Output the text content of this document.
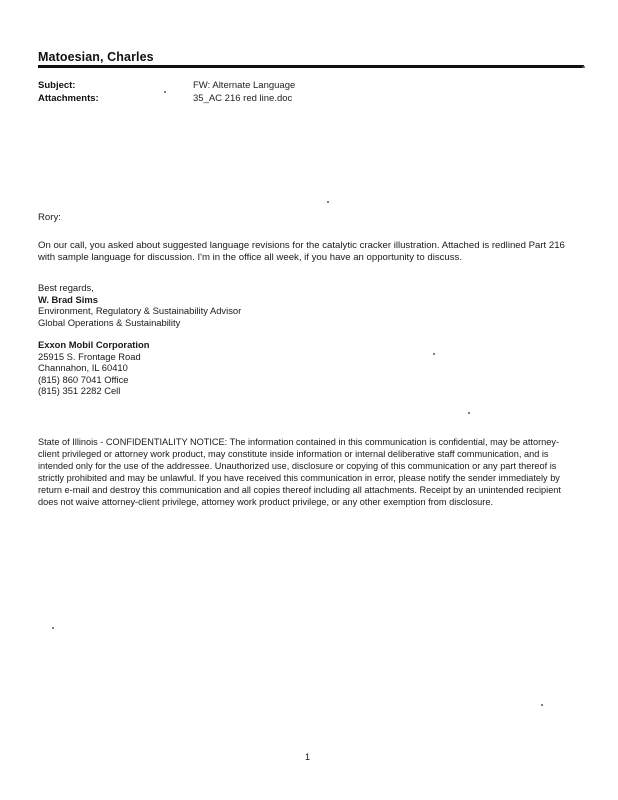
Matoesian, Charles
Subject:	FW: Alternate Language
Attachments:	35_AC 216 red line.doc
Rory:
On our call, you asked about suggested language revisions for the catalytic cracker illustration. Attached is redlined Part 216 with sample language for discussion. I'm in the office all week, if you have an opportunity to discuss.
Best regards,
W. Brad Sims
Environment, Regulatory & Sustainability Advisor
Global Operations & Sustainability
Exxon Mobil Corporation
25915 S. Frontage Road
Channahon, IL 60410
(815) 860 7041 Office
(815) 351 2282 Cell
State of Illinois - CONFIDENTIALITY NOTICE: The information contained in this communication is confidential, may be attorney-client privileged or attorney work product, may constitute inside information or internal deliberative staff communication, and is intended only for the use of the addressee. Unauthorized use, disclosure or copying of this communication or any part thereof is strictly prohibited and may be unlawful. If you have received this communication in error, please notify the sender immediately by return e-mail and destroy this communication and all copies thereof including all attachments. Receipt by an unintended recipient does not waive attorney-client privilege, attorney work product privilege, or any other exemption from disclosure.
1
